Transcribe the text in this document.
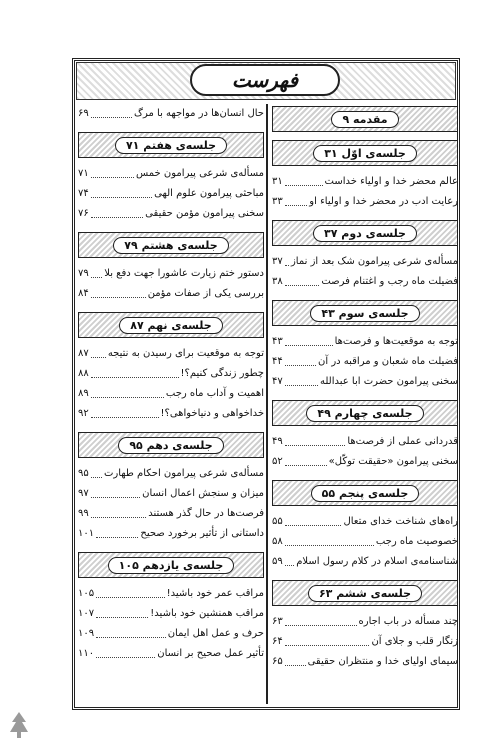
فهرست
مقدمه ۹
جلسه‌ی اوّل ۳۱
عالم محضر خدا و اولیاء خداست
۳۱
رعایت ادب در محضر خدا و اولیاء او
۳۳
جلسه‌ی دوم ۳۷
مسأله‌ی شرعی پیرامون شک بعد از نماز
۳۷
فضیلت ماه رجب و اغتنام فرصت
۳۸
جلسه‌ی سوم ۴۳
توجه به موقعیت‌ها و فرصت‌ها
۴۳
فضیلت ماه شعبان و مراقبه در آن
۴۴
سخنی پیرامون حضرت ابا عبدالله
۴۷
جلسه‌ی چهارم ۴۹
قدردانی عملی از فرصت‌ها
۴۹
سخنی پیرامون «حقیقت توکّل»
۵۲
جلسه‌ی پنجم ۵۵
راه‌های شناخت خدای متعال
۵۵
خصوصیت ماه رجب
۵۸
شناسنامه‌ی اسلام در کلام رسول اسلام
۵۹
جلسه‌ی ششم ۶۳
چند مسأله در باب اجاره
۶۳
زنگار قلب و جلای آن
۶۴
سیمای اولیای خدا و منتظران حقیقی
۶۵
حال انسان‌ها در مواجهه با مرگ
۶۹
جلسه‌ی هفتم ۷۱
مسأله‌ی شرعی پیرامون خمس
۷۱
مباحثی پیرامون علوم الهی
۷۴
سخنی پیرامون مؤمن حقیقی
۷۶
جلسه‌ی هشتم ۷۹
دستور ختم زیارت عاشورا جهت دفع بلا
۷۹
بررسی یکی از صفات مؤمن
۸۴
جلسه‌ی نهم ۸۷
توجه به موقعیت برای رسیدن به نتیجه
۸۷
چطور زندگی کنیم؟!
۸۸
اهمیت و آداب ماه رجب
۸۹
خداخواهی و دنیاخواهی؟!
۹۲
جلسه‌ی دهم ۹۵
مسأله‌ی شرعی پیرامون احکام طهارت
۹۵
میزان و سنجش اعمال انسان
۹۷
فرصت‌ها در حال گذر هستند
۹۹
داستانی از تأثیر برخورد صحیح
۱۰۱
جلسه‌ی یازدهم ۱۰۵
مراقب عمر خود باشید!
۱۰۵
مراقب همنشین خود باشید!
۱۰۷
حرف و عمل اهل ایمان
۱۰۹
تأثیر عمل صحیح بر انسان
۱۱۰
